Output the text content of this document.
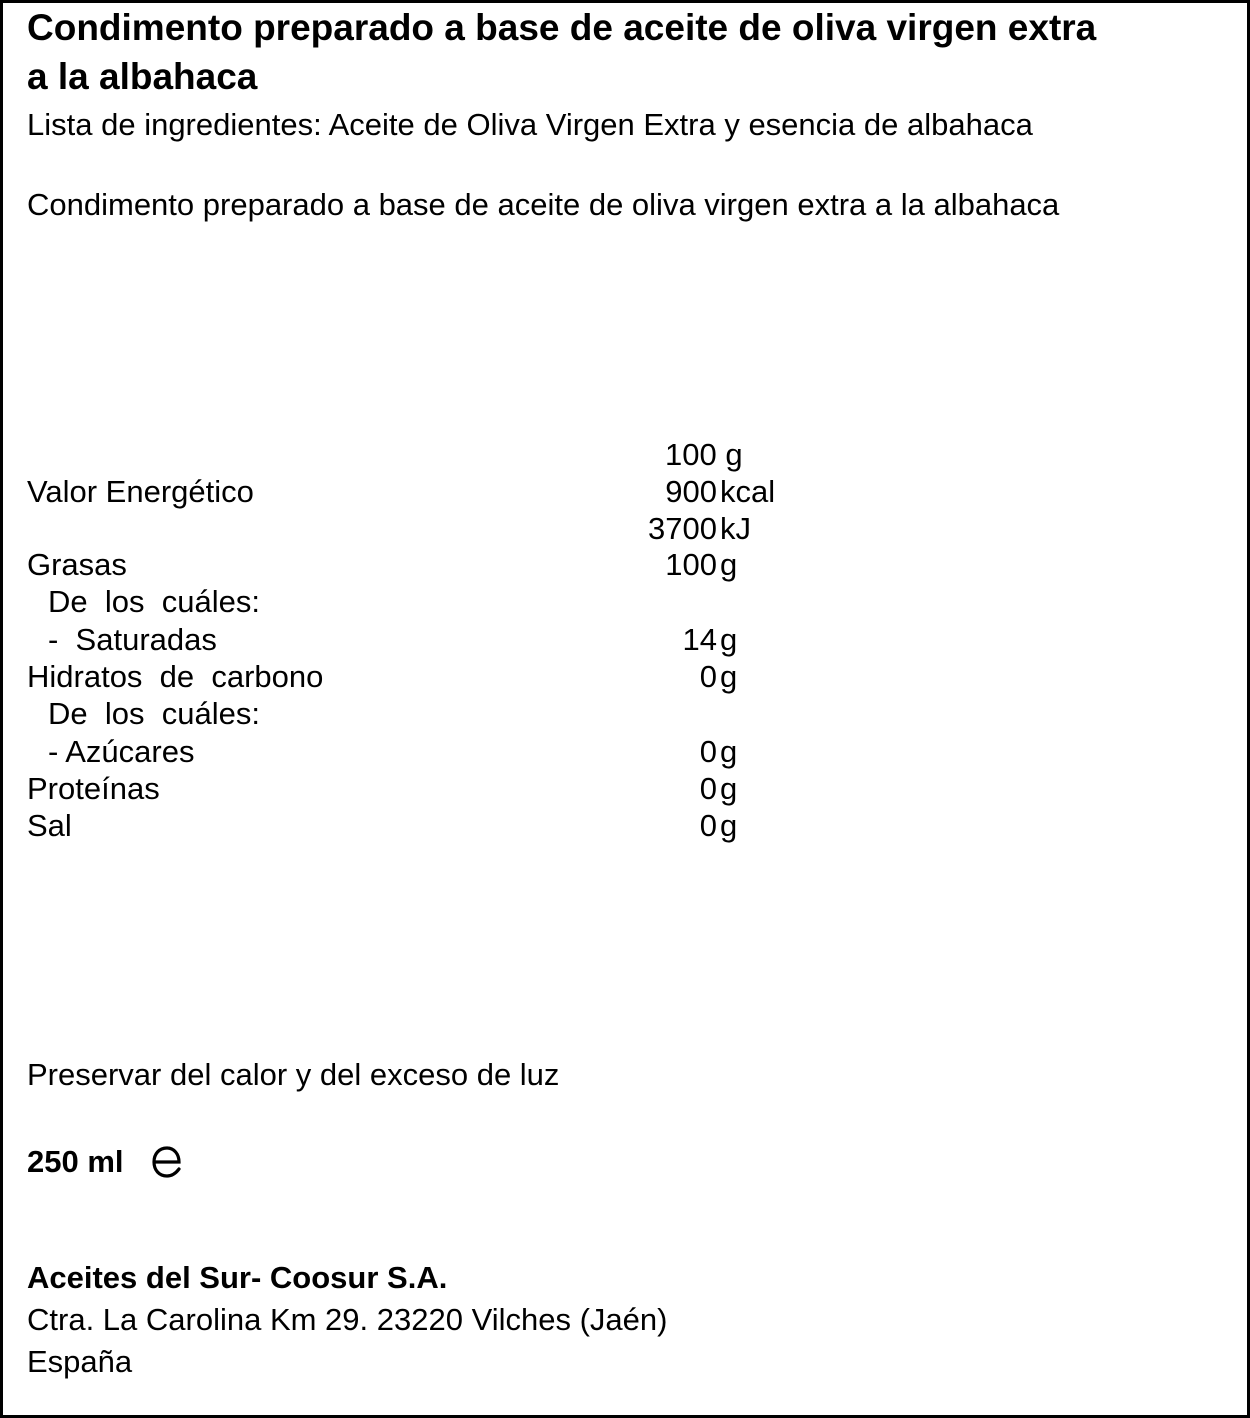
Condimento preparado a base de aceite de oliva virgen extra
a la albahaca
Lista de ingredientes: Aceite de Oliva Virgen Extra y esencia de albahaca
Condimento preparado a base de aceite de oliva virgen extra a la albahaca
100 g
Valor Energético	900 kcal
3700 kJ
Grasas	100 g
De  los  cuáles:
-  Saturadas	14 g
Hidratos  de  carbono	0 g
De  los  cuáles:
- Azúcares	0 g
Proteínas	0 g
Sal	0 g
Preservar del calor y del exceso de luz
250 ml
Aceites del Sur- Coosur S.A.
Ctra. La Carolina Km 29. 23220 Vilches (Jaén)
España
